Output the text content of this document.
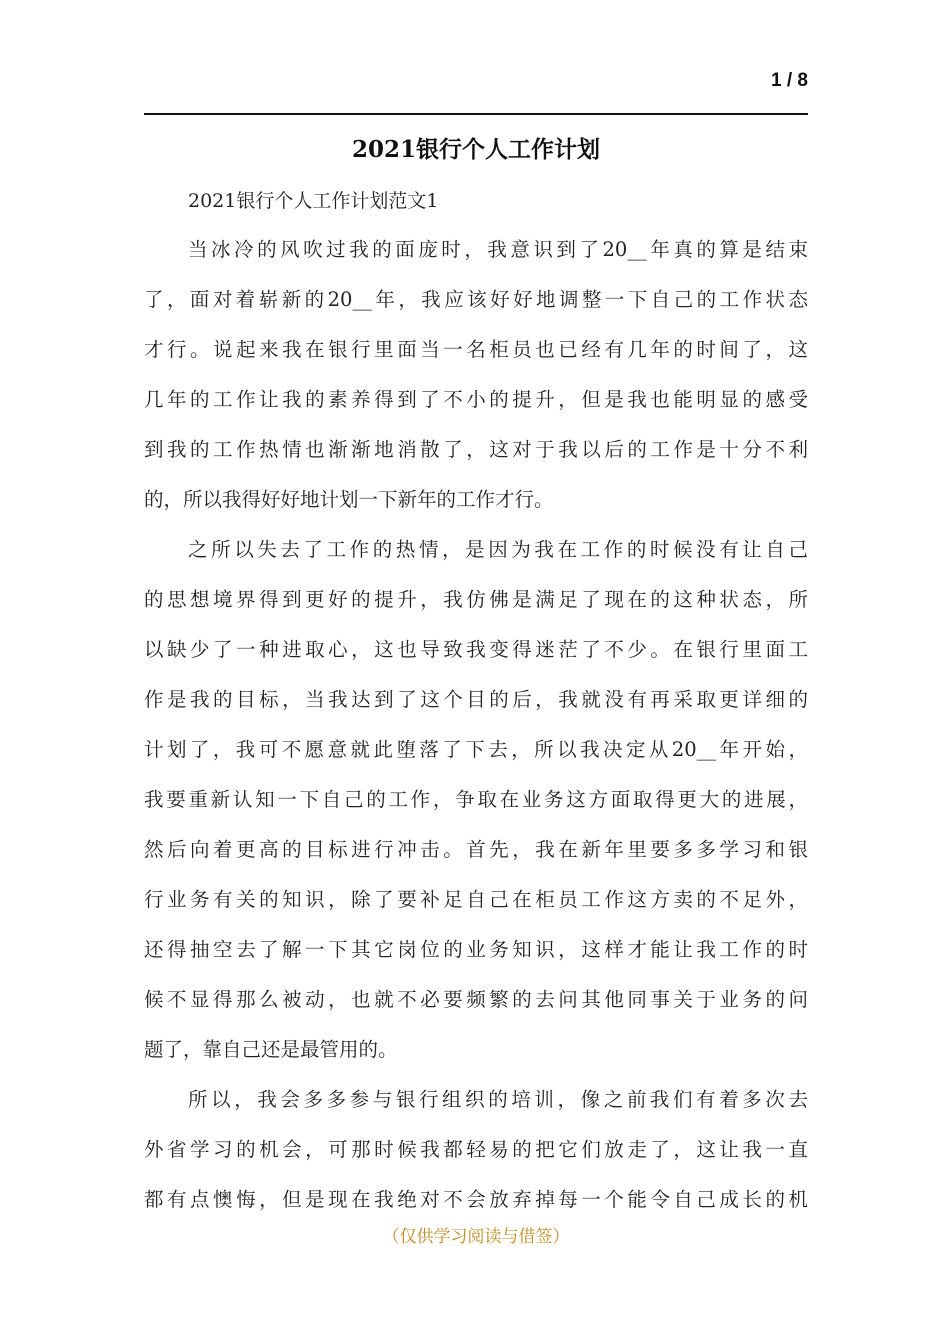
1 / 8
2021银行个人工作计划
2021银行个人工作计划范文1
当冰冷的风吹过我的面庞时，我意识到了20__年真的算是结束
了，面对着崭新的20__年，我应该好好地调整一下自己的工作状态
才行。说起来我在银行里面当一名柜员也已经有几年的时间了，这
几年的工作让我的素养得到了不小的提升，但是我也能明显的感受
到我的工作热情也渐渐地消散了，这对于我以后的工作是十分不利
的，所以我得好好地计划一下新年的工作才行。
之所以失去了工作的热情，是因为我在工作的时候没有让自己
的思想境界得到更好的提升，我仿佛是满足了现在的这种状态，所
以缺少了一种进取心，这也导致我变得迷茫了不少。在银行里面工
作是我的目标，当我达到了这个目的后，我就没有再采取更详细的
计划了，我可不愿意就此堕落了下去，所以我决定从20__年开始，
我要重新认知一下自己的工作，争取在业务这方面取得更大的进展，
然后向着更高的目标进行冲击。首先，我在新年里要多多学习和银
行业务有关的知识，除了要补足自己在柜员工作这方卖的不足外，
还得抽空去了解一下其它岗位的业务知识，这样才能让我工作的时
候不显得那么被动，也就不必要频繁的去问其他同事关于业务的问
题了，靠自己还是最管用的。
所以，我会多多参与银行组织的培训，像之前我们有着多次去
外省学习的机会，可那时候我都轻易的把它们放走了，这让我一直
都有点懊悔，但是现在我绝对不会放弃掉每一个能令自己成长的机
（仅供学习阅读与借签）
